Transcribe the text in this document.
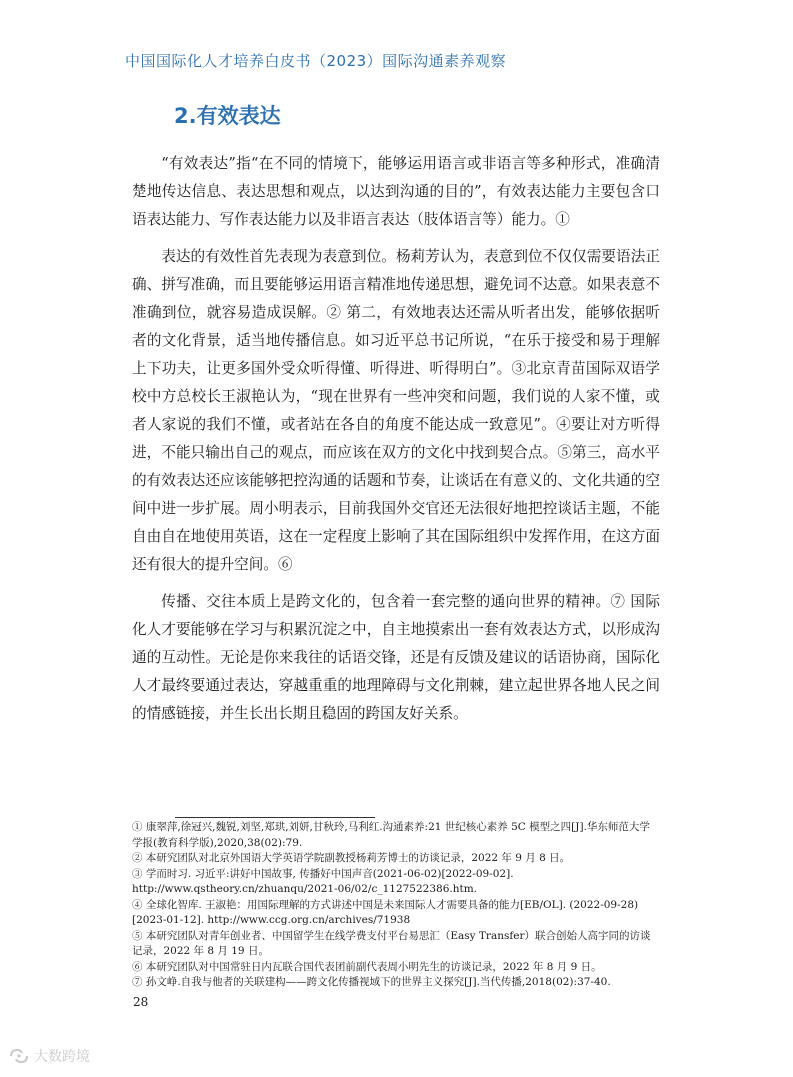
中国国际化人才培养白皮书（2023）国际沟通素养观察
2.有效表达

“有效表达”指“在不同的情境下，能够运用语言或非语言等多种形式，准确清楚地传达信息、表达思想和观点，以达到沟通的目的”，有效表达能力主要包含口语表达能力、写作表达能力以及非语言表达（肢体语言等）能力。①

表达的有效性首先表现为表意到位。杨莉芳认为，表意到位不仅仅需要语法正确、拼写准确，而且要能够运用语言精准地传递思想，避免词不达意。如果表意不准确到位，就容易造成误解。② 第二，有效地表达还需从听者出发，能够依据听者的文化背景，适当地传播信息。如习近平总书记所说，“在乐于接受和易于理解上下功夫，让更多国外受众听得懂、听得进、听得明白”。③北京青苗国际双语学校中方总校长王淑艳认为，“现在世界有一些冲突和问题，我们说的人家不懂，或者人家说的我们不懂，或者站在各自的角度不能达成一致意见”。④要让对方听得进，不能只输出自己的观点，而应该在双方的文化中找到契合点。⑤第三，高水平的有效表达还应该能够把控沟通的话题和节奏，让谈话在有意义的、文化共通的空间中进一步扩展。周小明表示，目前我国外交官还无法很好地把控谈话主题，不能自由自在地使用英语，这在一定程度上影响了其在国际组织中发挥作用，在这方面还有很大的提升空间。⑥

传播、交往本质上是跨文化的，包含着一套完整的通向世界的精神。⑦ 国际化人才要能够在学习与积累沉淀之中，自主地摸索出一套有效表达方式，以形成沟通的互动性。无论是你来我往的话语交锋，还是有反馈及建议的话语协商，国际化人才最终要通过表达，穿越重重的地理障碍与文化荆棘，建立起世界各地人民之间的情感链接，并生长出长期且稳固的跨国友好关系。

① 康翠萍,徐冠兴,魏锐,刘坚,郑珙,刘妍,甘秋玲,马利红.沟通素养:21 世纪核心素养 5C 模型之四[J].华东师范大学学报(教育科学版),2020,38(02):79.

② 本研究团队对北京外国语大学英语学院副教授杨莉芳博士的访谈记录，2022 年 9 月 8 日。

③ 学而时习. 习近平:讲好中国故事, 传播好中国声音(2021-06-02)[2022-09-02].

http://www.qstheory.cn/zhuanqu/2021-06/02/c_1127522386.htm.

④ 全球化智库. 王淑艳：用国际理解的方式讲述中国是未来国际人才需要具备的能力[EB/OL]. (2022-09-28)[2023-01-12]. http://www.ccg.org.cn/archives/71938

⑤ 本研究团队对青年创业者、中国留学生在线学费支付平台易思汇（Easy Transfer）联合创始人高宇同的访谈记录，2022 年 8 月 19 日。

⑥ 本研究团队对中国常驻日内瓦联合国代表团前副代表周小明先生的访谈记录，2022 年 8 月 9 日。

⑦ 孙文峥.自我与他者的关联建构——跨文化传播视域下的世界主义探究[J].当代传播,2018(02):37-40.

28
大数跨境
